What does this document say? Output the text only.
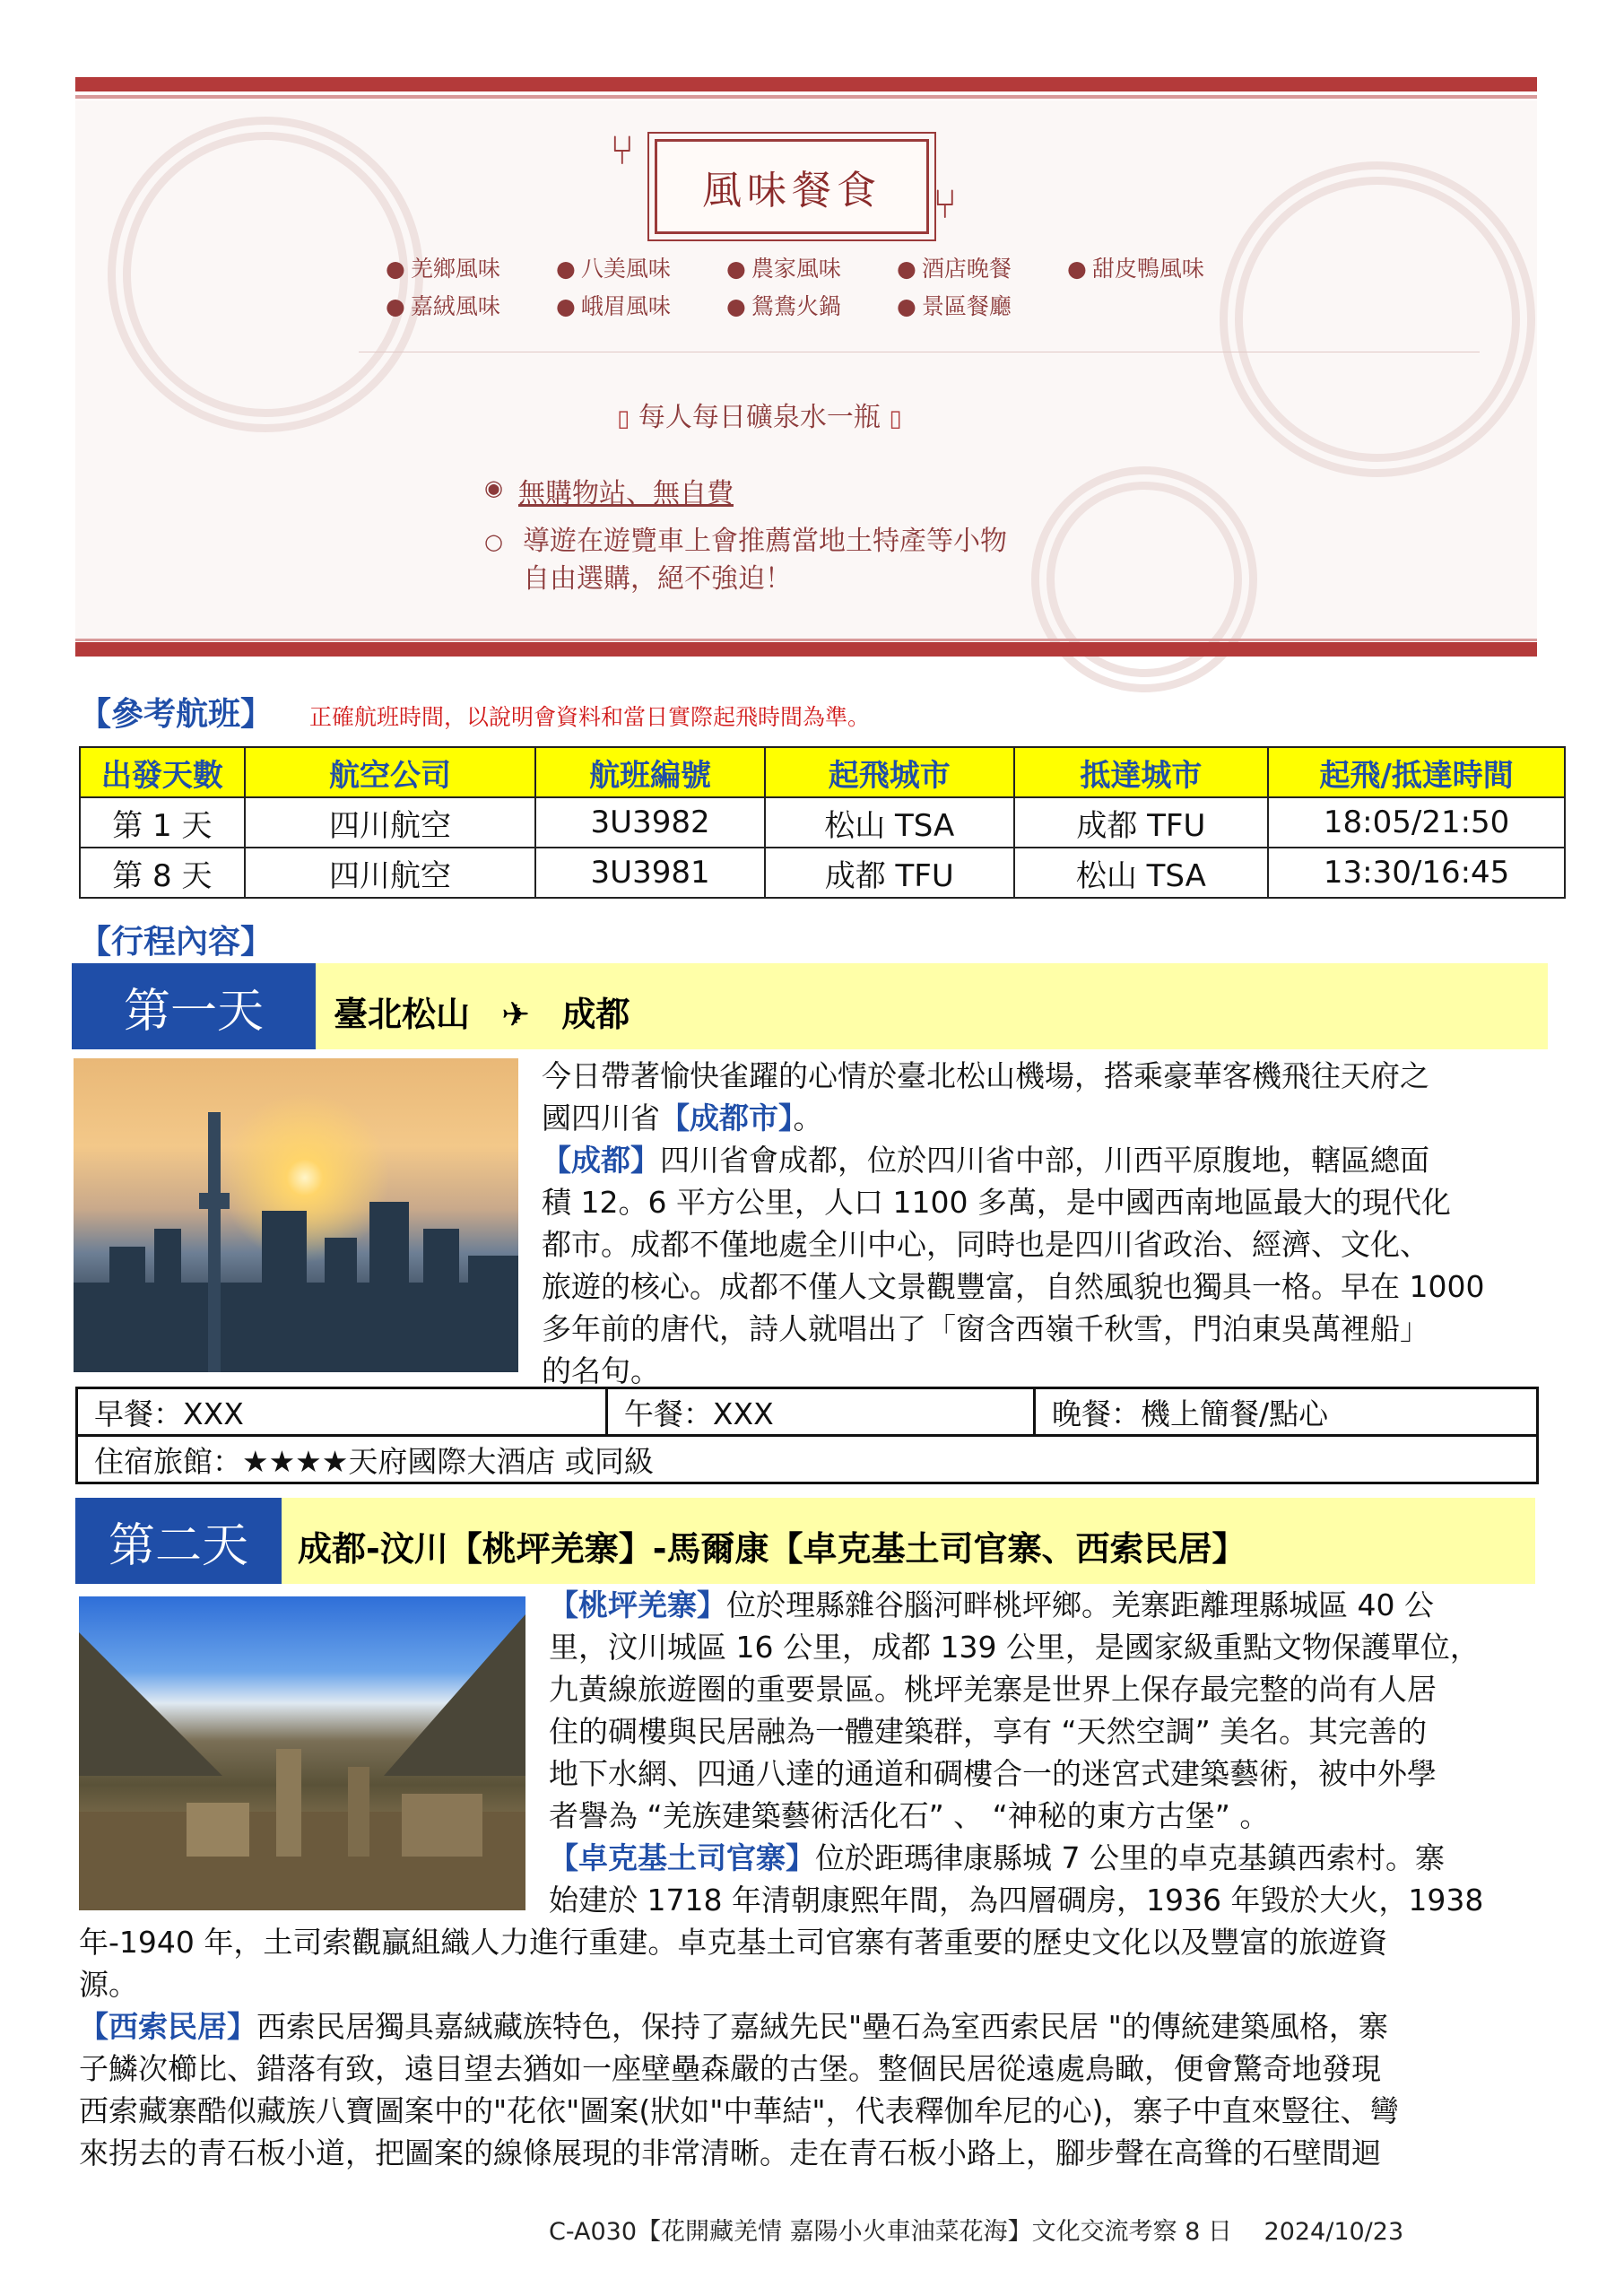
⑂
風味餐食	⑂
● 羌鄉風味 ● 八美風味 ● 農家風味 ● 酒店晚餐 ● 甜皮鴨風味
● 嘉絨風味 ● 峨眉風味 ● 鴛鴦火鍋 ● 景區餐廳
▯ 每人每日礦泉水一瓶 ▯
◉ 無購物站、無自費
○ 導遊在遊覽車上會推薦當地土特產等小物
自由選購，絕不強迫！
【參考航班】 正確航班時間，以說明會資料和當日實際起飛時間為準。
出發天數	航空公司	航班編號	起飛城市	抵達城市	起飛/抵達時間
第 1 天	四川航空	3U3982	松山 TSA	成都 TFU	18:05/21:50
第 8 天	四川航空	3U3981	成都 TFU	松山 TSA	13:30/16:45
【行程內容】
第一天	臺北松山 ✈ 成都
今日帶著愉快雀躍的心情於臺北松山機場，搭乘豪華客機飛往天府之
國四川省【成都市】。
【成都】四川省會成都，位於四川省中部，川西平原腹地，轄區總面
積 12。6 平方公里，人口 1100 多萬，是中國西南地區最大的現代化
都市。成都不僅地處全川中心，同時也是四川省政治、經濟、文化、
旅遊的核心。成都不僅人文景觀豐富，自然風貌也獨具一格。早在 1000
多年前的唐代，詩人就唱出了「窗含西嶺千秋雪，門泊東吳萬裡船」
的名句。
早餐：XXX	午餐：XXX	晚餐：機上簡餐/點心
住宿旅館：★★★★天府國際大酒店 或同級
第二天	成都-汶川【桃坪羌寨】-馬爾康【卓克基土司官寨、西索民居】
【桃坪羌寨】位於理縣雜谷腦河畔桃坪鄉。羌寨距離理縣城區 40 公
里，汶川城區 16 公里，成都 139 公里，是國家級重點文物保護單位，
九黃線旅遊圈的重要景區。桃坪羌寨是世界上保存最完整的尚有人居
住的碉樓與民居融為一體建築群，享有 “天然空調” 美名。其完善的
地下水網、四通八達的通道和碉樓合一的迷宮式建築藝術，被中外學
者譽為 “羌族建築藝術活化石” 、 “神秘的東方古堡” 。
【卓克基土司官寨】位於距瑪律康縣城 7 公里的卓克基鎮西索村。寨
始建於 1718 年清朝康熙年間，為四層碉房，1936 年毀於大火，1938
年-1940 年，土司索觀贏組織人力進行重建。卓克基土司官寨有著重要的歷史文化以及豐富的旅遊資
源。
【西索民居】西索民居獨具嘉絨藏族特色，保持了嘉絨先民"壘石為室西索民居 "的傳統建築風格，寨
子鱗次櫛比、錯落有致，遠目望去猶如一座壁壘森嚴的古堡。整個民居從遠處鳥瞰，便會驚奇地發現
西索藏寨酷似藏族八寶圖案中的"花依"圖案(狀如"中華結"，代表釋伽牟尼的心)，寨子中直來豎往、彎
來拐去的青石板小道，把圖案的線條展現的非常清晰。走在青石板小路上，腳步聲在高聳的石壁間迴
C-A030【花開藏羌情 嘉陽小火車油菜花海】文化交流考察 8 日　 2024/10/23
